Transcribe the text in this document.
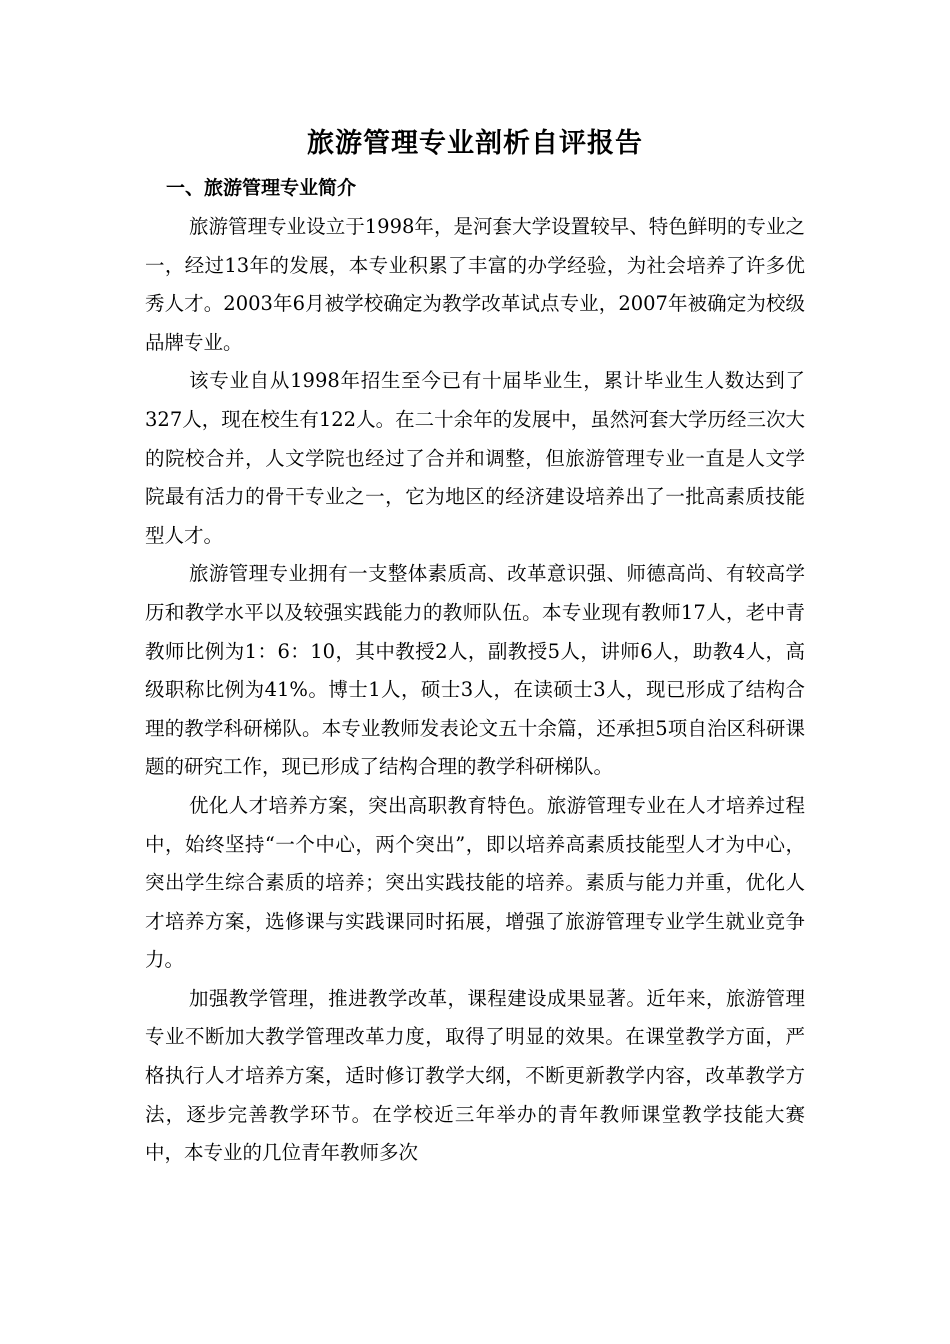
旅游管理专业剖析自评报告
一、旅游管理专业简介

旅游管理专业设立于1998年，是河套大学设置较早、特色鲜明的专业之一，经过13年的发展，本专业积累了丰富的办学经验，为社会培养了许多优秀人才。2003年6月被学校确定为教学改革试点专业，2007年被确定为校级品牌专业。

该专业自从1998年招生至今已有十届毕业生，累计毕业生人数达到了327人，现在校生有122人。在二十余年的发展中，虽然河套大学历经三次大的院校合并，人文学院也经过了合并和调整，但旅游管理专业一直是人文学院最有活力的骨干专业之一，它为地区的经济建设培养出了一批高素质技能型人才。

旅游管理专业拥有一支整体素质高、改革意识强、师德高尚、有较高学历和教学水平以及较强实践能力的教师队伍。本专业现有教师17人，老中青教师比例为1：6：10，其中教授2人，副教授5人，讲师6人，助教4人，高级职称比例为41%。博士1人，硕士3人，在读硕士3人，现已形成了结构合理的教学科研梯队。本专业教师发表论文五十余篇，还承担5项自治区科研课题的研究工作，现已形成了结构合理的教学科研梯队。

优化人才培养方案，突出高职教育特色。旅游管理专业在人才培养过程中，始终坚持“一个中心，两个突出”，即以培养高素质技能型人才为中心，突出学生综合素质的培养；突出实践技能的培养。素质与能力并重，优化人才培养方案，选修课与实践课同时拓展，增强了旅游管理专业学生就业竞争力。

加强教学管理，推进教学改革，课程建设成果显著。近年来，旅游管理专业不断加大教学管理改革力度，取得了明显的效果。在课堂教学方面，严格执行人才培养方案，适时修订教学大纲，不断更新教学内容，改革教学方法，逐步完善教学环节。在学校近三年举办的青年教师课堂教学技能大赛中，本专业的几位青年教师多次
